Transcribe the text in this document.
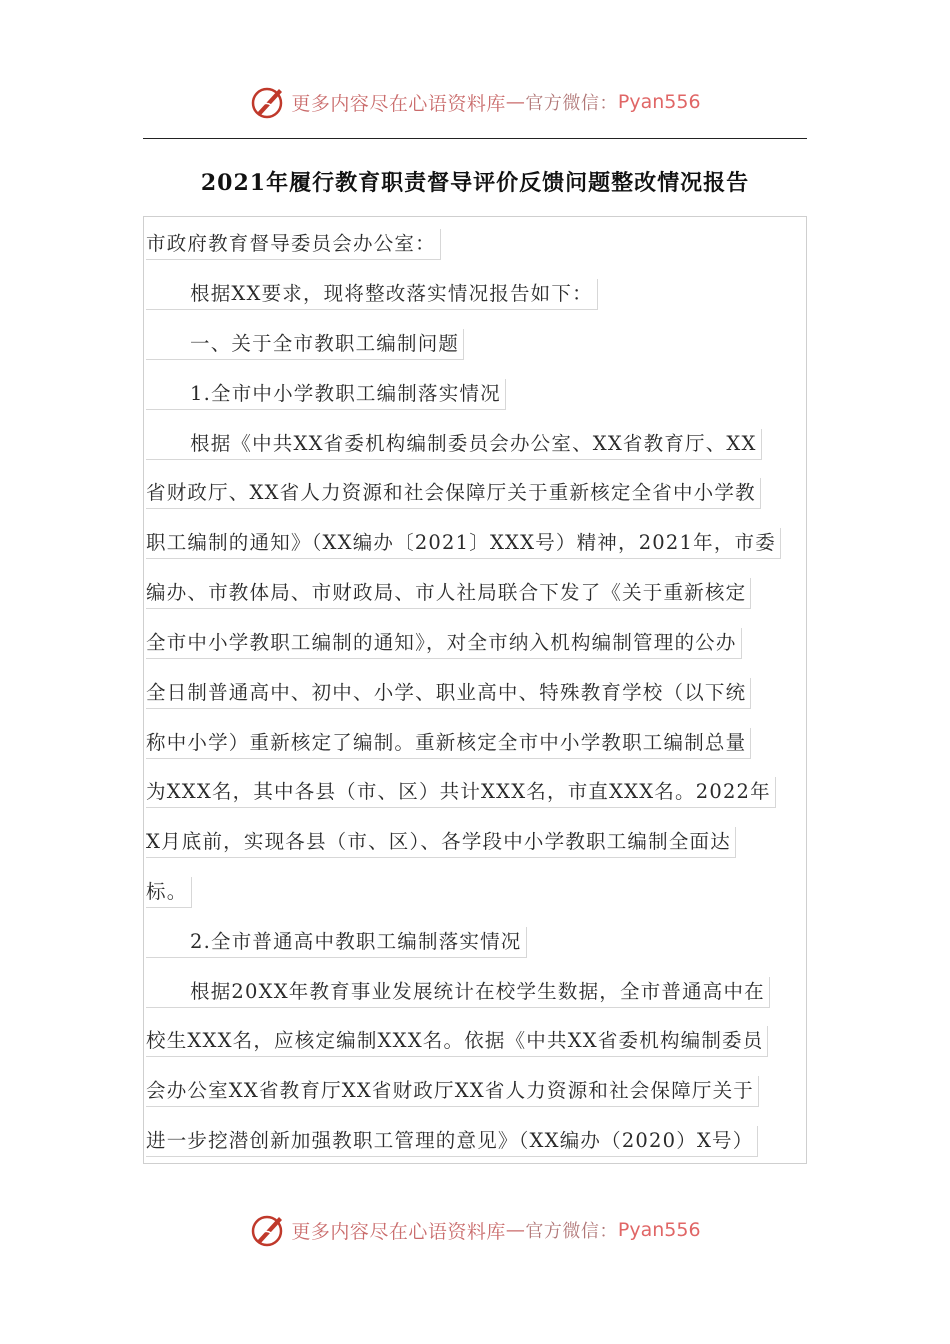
更多内容尽在心语资料库 — 官方微信： Pyan556
2021年履行教育职责督导评价反馈问题整改情况报告
市政府教育督导委员会办公室：
根据XX要求，现将整改落实情况报告如下：
一、关于全市教职工编制问题
1.全市中小学教职工编制落实情况
根据《中共XX省委机构编制委员会办公室、XX省教育厅、XX
省财政厅、XX省人力资源和社会保障厅关于重新核定全省中小学教
职工编制的通知》（XX编办〔2021〕XXX号）精神，2021年，市委
编办、市教体局、市财政局、市人社局联合下发了《关于重新核定
全市中小学教职工编制的通知》，对全市纳入机构编制管理的公办
全日制普通高中、初中、小学、职业高中、特殊教育学校（以下统
称中小学）重新核定了编制。重新核定全市中小学教职工编制总量
为XXX名，其中各县（市、区）共计XXX名，市直XXX名。2022年
X月底前，实现各县（市、区）、各学段中小学教职工编制全面达
标。
2.全市普通高中教职工编制落实情况
根据20XX年教育事业发展统计在校学生数据，全市普通高中在
校生XXX名，应核定编制XXX名。依据《中共XX省委机构编制委员
会办公室XX省教育厅XX省财政厅XX省人力资源和社会保障厅关于
进一步挖潜创新加强教职工管理的意见》（XX编办（2020）X号）
更多内容尽在心语资料库 — 官方微信： Pyan556
